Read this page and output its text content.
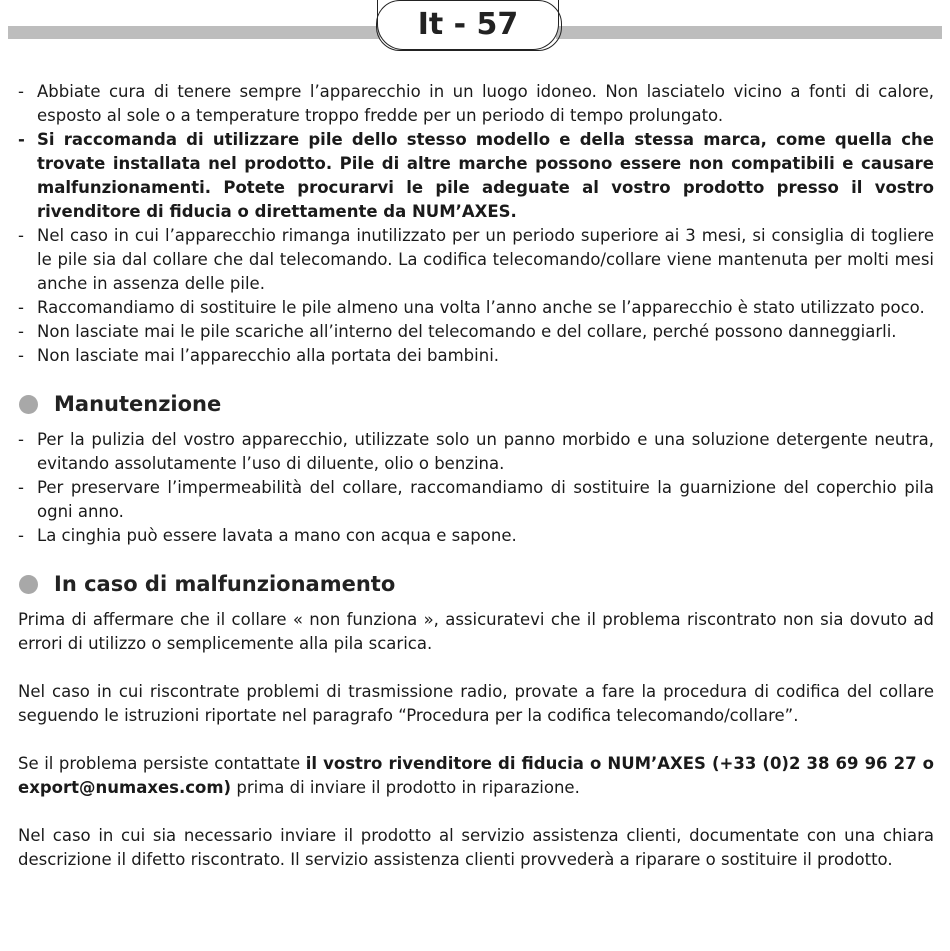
It - 57
- Abbiate cura di tenere sempre l’apparecchio in un luogo idoneo. Non lasciatelo vicino a fonti di calore, esposto al sole o a temperature troppo fredde per un periodo di tempo prolungato.
- Si raccomanda di utilizzare pile dello stesso modello e della stessa marca, come quella che trovate installata nel prodotto. Pile di altre marche possono essere non compatibili e causare malfunzionamenti. Potete procurarvi le pile adeguate al vostro prodotto presso il vostro rivenditore di fiducia o direttamente da NUM’AXES.
- Nel caso in cui l’apparecchio rimanga inutilizzato per un periodo superiore ai 3 mesi, si consiglia di togliere le pile sia dal collare che dal telecomando. La codifica telecomando/collare viene mantenuta per molti mesi anche in assenza delle pile.
- Raccomandiamo di sostituire le pile almeno una volta l’anno anche se l’apparecchio è stato utilizzato poco.
- Non lasciate mai le pile scariche all’interno del telecomando e del collare, perché possono danneggiarli.
- Non lasciate mai l’apparecchio alla portata dei bambini.
Manutenzione
- Per la pulizia del vostro apparecchio, utilizzate solo un panno morbido e una soluzione detergente neutra, evitando assolutamente l’uso di diluente, olio o benzina.
- Per preservare l’impermeabilità del collare, raccomandiamo di sostituire la guarnizione del coperchio pila ogni anno.
- La cinghia può essere lavata a mano con acqua e sapone.
In caso di malfunzionamento

Prima di affermare che il collare « non funziona », assicuratevi che il problema riscontrato non sia dovuto ad errori di utilizzo o semplicemente alla pila scarica.

Nel caso in cui riscontrate problemi di trasmissione radio, provate a fare la procedura di codifica del collare seguendo le istruzioni riportate nel paragrafo “Procedura per la codifica telecomando/collare”.

Se il problema persiste contattate il vostro rivenditore di fiducia o NUM’AXES (+33 (0)2 38 69 96 27 o export@numaxes.com) prima di inviare il prodotto in riparazione.

Nel caso in cui sia necessario inviare il prodotto al servizio assistenza clienti, documentate con una chiara descrizione il difetto riscontrato. Il servizio assistenza clienti provvederà a riparare o sostituire il prodotto.
